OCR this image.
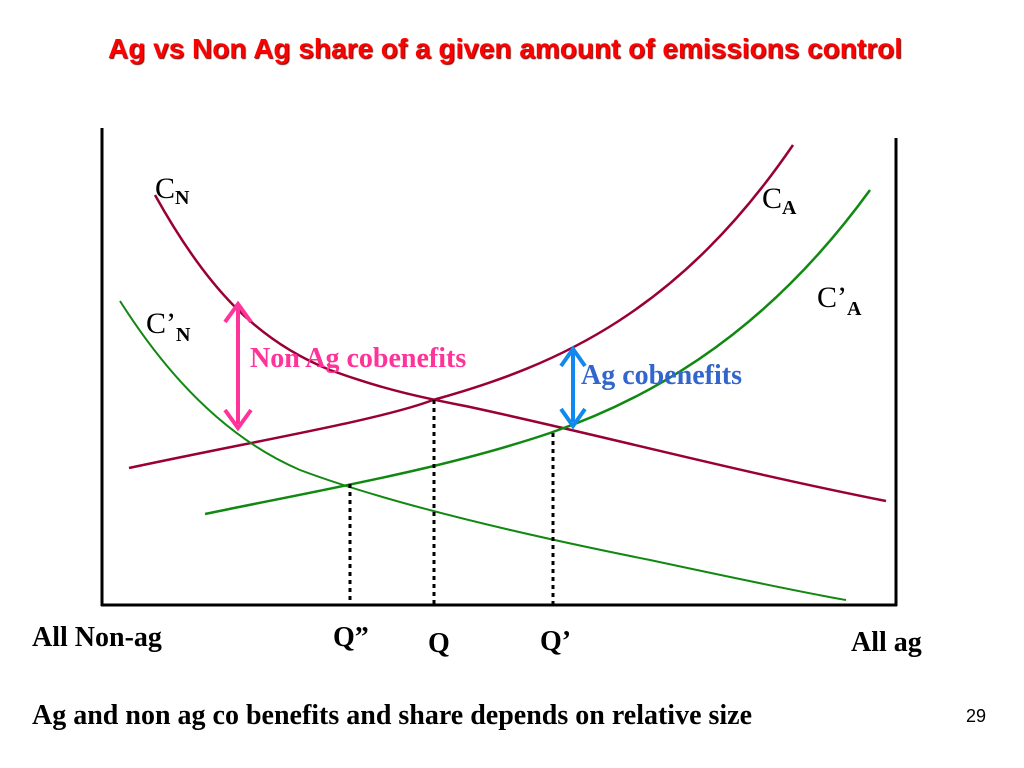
Ag vs Non Ag share of a given amount of emissions control
Non Ag cobenefits
Ag cobenefits
$C_N$	$C_A$
$C’_A$
$C’_N$
All Non-ag	Q” Q	Q’	All ag
Ag and non ag co benefits and share depends on relative size	29
